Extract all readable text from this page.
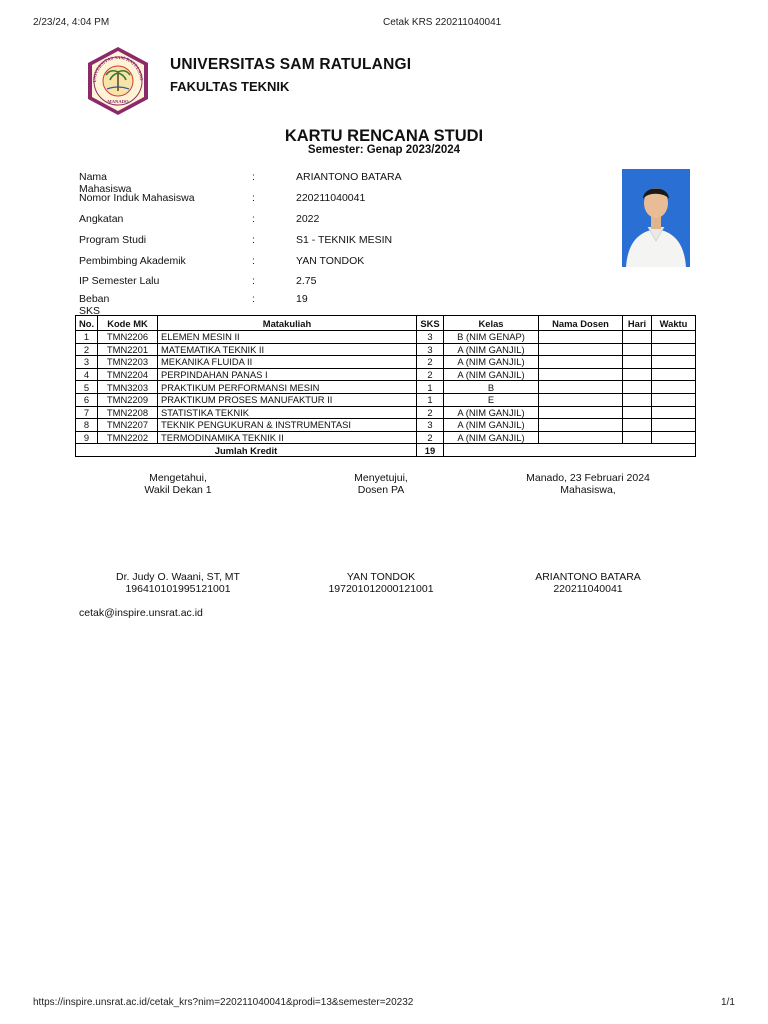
2/23/24, 4:04 PM	Cetak KRS 220211040041
UNIVERSITAS SAM RATULANG
MANADO
UNIVERSITAS SAM RATULANGI
FAKULTAS TEKNIK
KARTU RENCANA STUDI
Semester: Genap 2023/2024
Nama Mahasiswa
:	ARIANTONO BATARA
Nomor Induk Mahasiswa	:	220211040041
Angkatan	:	2022
Program Studi	:	S1 - TEKNIK MESIN
Pembimbing Akademik	:	YAN TONDOK
IP Semester Lalu	:	2.75
Beban SKS
:	19
No.	Kode MK	Matakuliah	SKS	Kelas	Nama Dosen	Hari	Waktu
1	TMN2206	ELEMEN MESIN II	3	B (NIM GENAP)			
2	TMN2201	MATEMATIKA TEKNIK II	3	A (NIM GANJIL)			
3	TMN2203	MEKANIKA FLUIDA II	2	A (NIM GANJIL)			
4	TMN2204	PERPINDAHAN PANAS I	2	A (NIM GANJIL)			
5	TMN3203	PRAKTIKUM PERFORMANSI MESIN	1	B			
6	TMN2209	PRAKTIKUM PROSES MANUFAKTUR II	1	E			
7	TMN2208	STATISTIKA TEKNIK	2	A (NIM GANJIL)			
8	TMN2207	TEKNIK PENGUKURAN & INSTRUMENTASI	3	A (NIM GANJIL)			
9	TMN2202	TERMODINAMIKA TEKNIK II	2	A (NIM GANJIL)			
Jumlah Kredit			19				
Mengetahui,
Wakil Dekan 1
Menyetujui,
Dosen PA
Manado, 23 Februari 2024
Mahasiswa,
Dr. Judy O. Waani, ST, MT
196410101995121001
YAN TONDOK
197201012000121001
ARIANTONO BATARA
220211040041
cetak@inspire.unsrat.ac.id
https://inspire.unsrat.ac.id/cetak_krs?nim=220211040041&prodi=13&semester=20232	1/1
